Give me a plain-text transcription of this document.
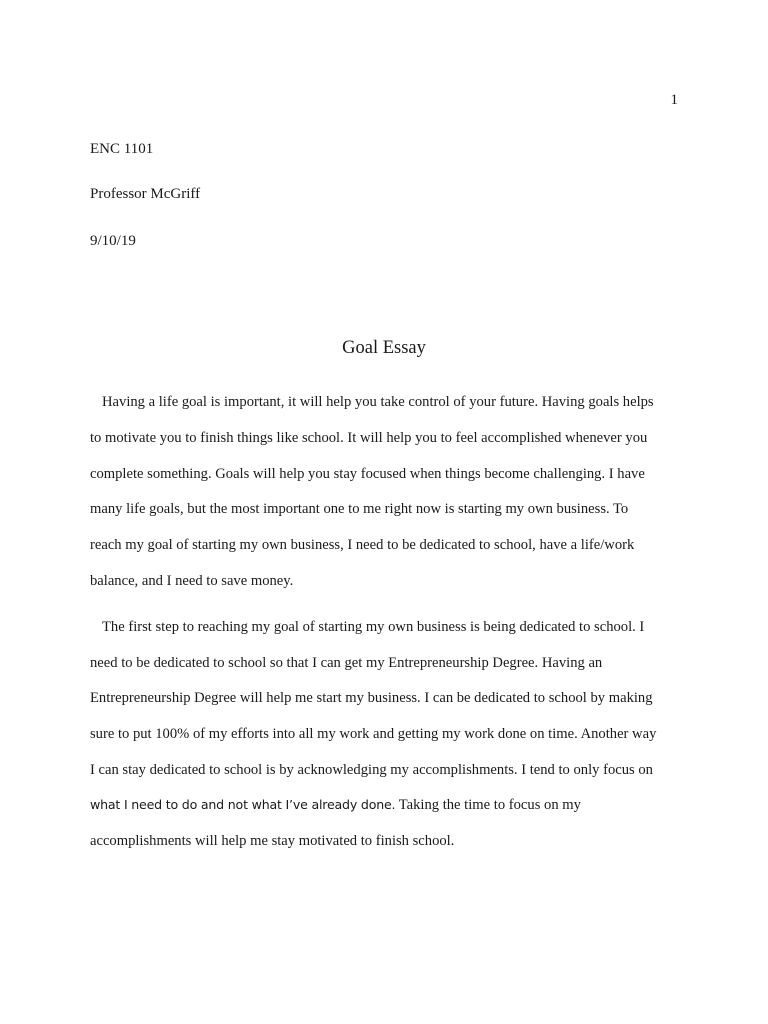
1
ENC 1101
Professor McGriff
9/10/19
Goal Essay
Having a life goal is important, it will help you take control of your future. Having goals helps
to motivate you to finish things like school. It will help you to feel accomplished whenever you
complete something. Goals will help you stay focused when things become challenging. I have
many life goals, but the most important one to me right now is starting my own business. To
reach my goal of starting my own business, I need to be dedicated to school, have a life/work
balance, and I need to save money.
The first step to reaching my goal of starting my own business is being dedicated to school. I
need to be dedicated to school so that I can get my Entrepreneurship Degree. Having an
Entrepreneurship Degree will help me start my business. I can be dedicated to school by making
sure to put 100% of my efforts into all my work and getting my work done on time. Another way
I can stay dedicated to school is by acknowledging my accomplishments. I tend to only focus on
what I need to do and not what I’ve already done. Taking the time to focus on my
accomplishments will help me stay motivated to finish school.
